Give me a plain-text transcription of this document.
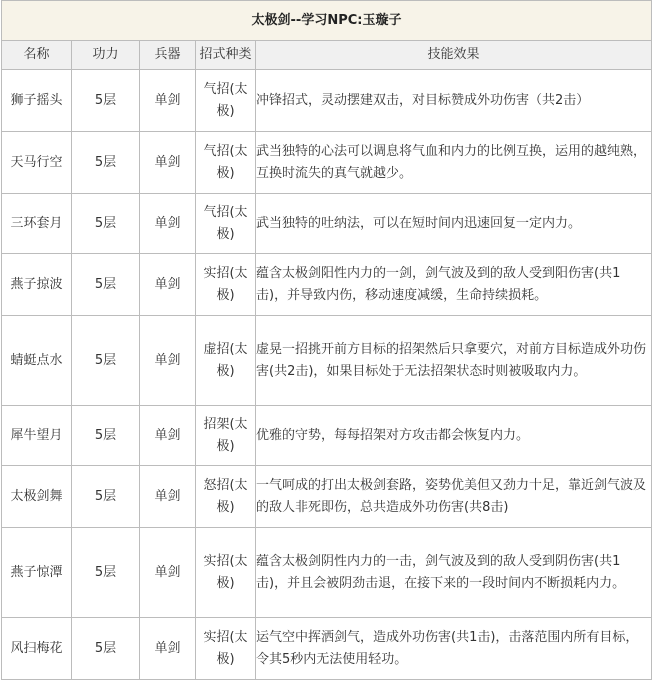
太极剑--学习NPC:玉璇子				
名称	功力	兵器	招式种类	技能效果
狮子摇头	5层	单剑	气招(太极)	冲锋招式，灵动摆建双击，对目标赞成外功伤害（共2击）
天马行空	5层	单剑	气招(太极)	武当独特的心法可以调息将气血和内力的比例互换，运用的越纯熟，互换时流失的真气就越少。
三环套月	5层	单剑	气招(太极)	武当独特的吐纳法，可以在短时间内迅速回复一定内力。
燕子掠波	5层	单剑	实招(太极)	蕴含太极剑阳性内力的一剑，剑气波及到的敌人受到阳伤害(共1击)，并导致内伤，移动速度减缓，生命持续损耗。
蜻蜓点水	5层	单剑	虚招(太极)	虚晃一招挑开前方目标的招架然后只拿要穴，对前方目标造成外功伤害(共2击)，如果目标处于无法招架状态时则被吸取内力。
犀牛望月	5层	单剑	招架(太极)	优雅的守势，每每招架对方攻击都会恢复内力。
太极剑舞	5层	单剑	怒招(太极)	一气呵成的打出太极剑套路，姿势优美但又劲力十足，靠近剑气波及的敌人非死即伤，总共造成外功伤害(共8击)
燕子惊潭	5层	单剑	实招(太极)	蕴含太极剑阴性内力的一击，剑气波及到的敌人受到阴伤害(共1击)，并且会被阴劲击退，在接下来的一段时间内不断损耗内力。
风扫梅花	5层	单剑	实招(太极)	运气空中挥洒剑气，造成外功伤害(共1击)，击落范围内所有目标，令其5秒内无法使用轻功。
